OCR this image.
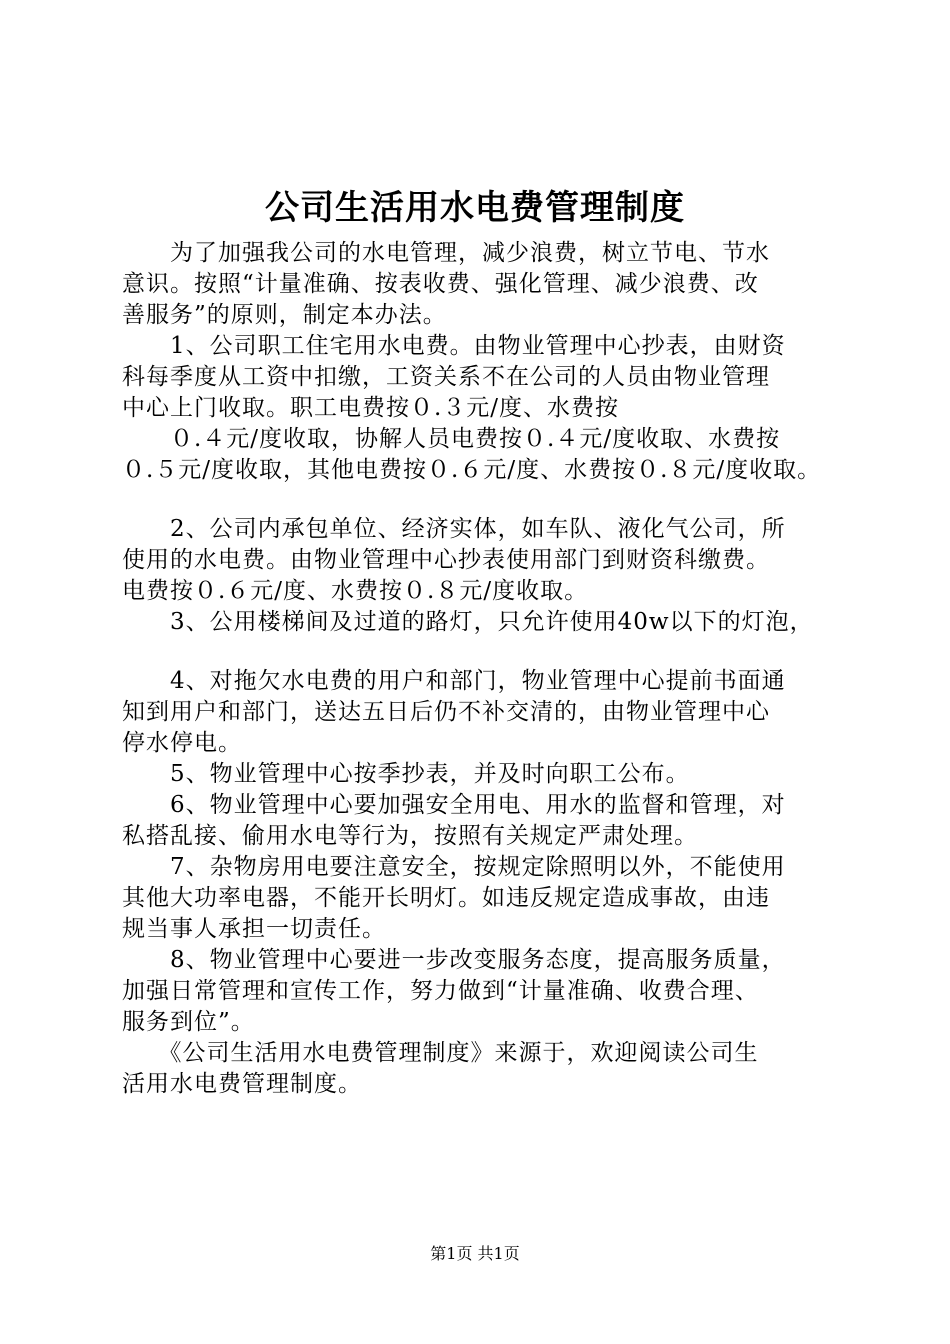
公司生活用水电费管理制度
　　为了加强我公司的水电管理，减少浪费，树立节电、节水
意识。按照“计量准确、按表收费、强化管理、减少浪费、改
善服务”的原则，制定本办法。
　　1、公司职工住宅用水电费。由物业管理中心抄表，由财资
科每季度从工资中扣缴，工资关系不在公司的人员由物业管理
中心上门收取。职工电费按０.３元/度、水费按
　　０.４元/度收取，协解人员电费按０.４元/度收取、水费按
０.５元/度收取，其他电费按０.６元/度、水费按０.８元/度收取。
　　2、公司内承包单位、经济实体，如车队、液化气公司，所
使用的水电费。由物业管理中心抄表使用部门到财资科缴费。
电费按０.６元/度、水费按０.８元/度收取。
　　3、公用楼梯间及过道的路灯，只允许使用40w以下的灯泡，
　　4、对拖欠水电费的用户和部门，物业管理中心提前书面通
知到用户和部门，送达五日后仍不补交清的，由物业管理中心
停水停电。
　　5、物业管理中心按季抄表，并及时向职工公布。
　　6、物业管理中心要加强安全用电、用水的监督和管理，对
私搭乱接、偷用水电等行为，按照有关规定严肃处理。
　　7、杂物房用电要注意安全，按规定除照明以外，不能使用
其他大功率电器，不能开长明灯。如违反规定造成事故，由违
规当事人承担一切责任。
　　8、物业管理中心要进一步改变服务态度，提高服务质量，
加强日常管理和宣传工作，努力做到“计量准确、收费合理、
服务到位”。
　　《公司生活用水电费管理制度》来源于，欢迎阅读公司生
活用水电费管理制度。
第1页 共1页
